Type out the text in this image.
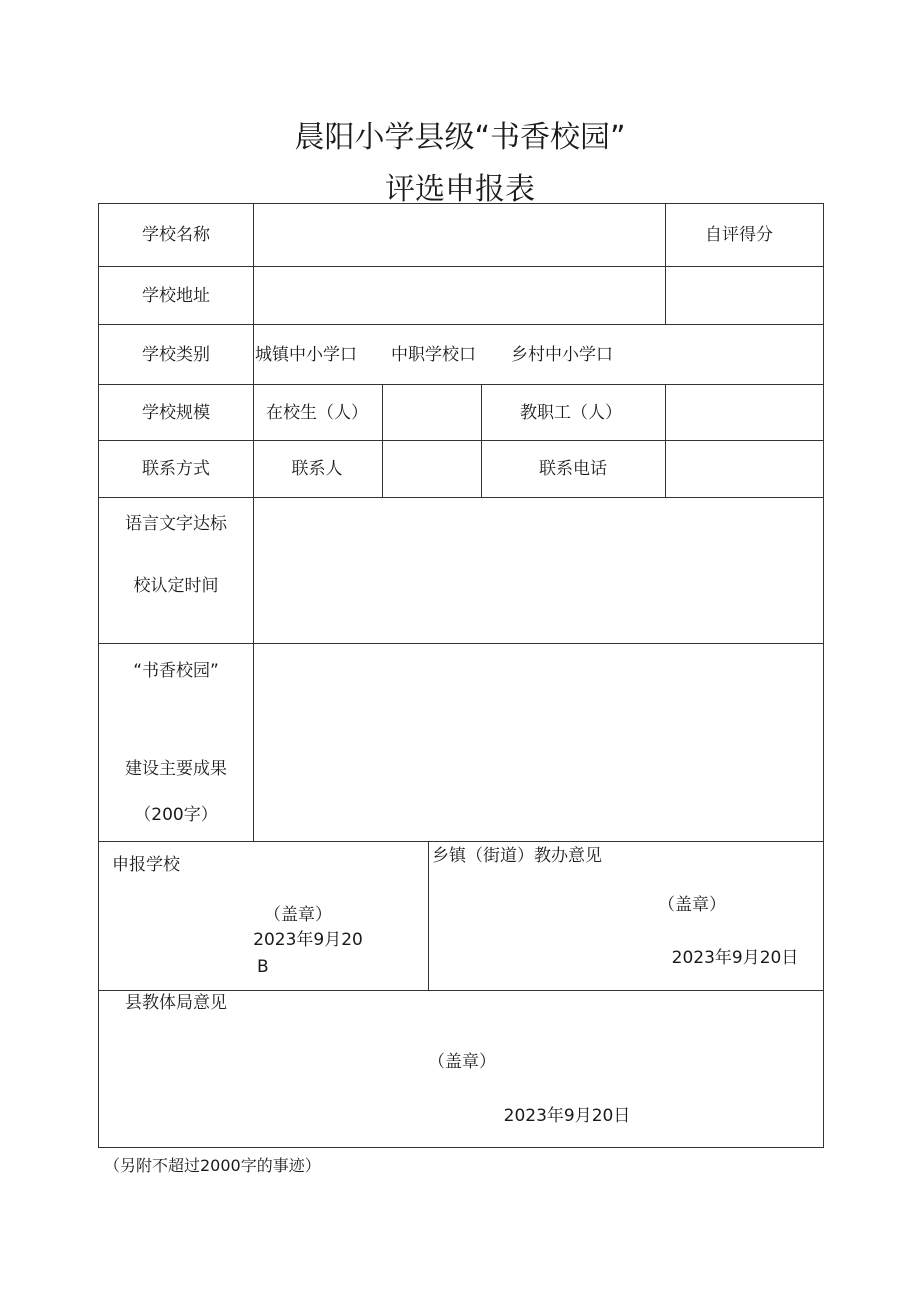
晨阳小学县级“书香校园”
评选申报表
学校名称	自评得分
学校地址
学校类别	城镇中小学口 中职学校口 乡村中小学口
学校规模	在校生（人）	教职工（人）
联系方式	联系人	联系电话
语言文字达标
校认定时间
“书香校园”
建设主要成果
（200字）
申报学校
（盖章）
2023年9月20
B
乡镇（街道）教办意见
（盖章）
2023年9月20日
县教体局意见
（盖章）
2023年9月20日
（另附不超过2000字的事迹）
